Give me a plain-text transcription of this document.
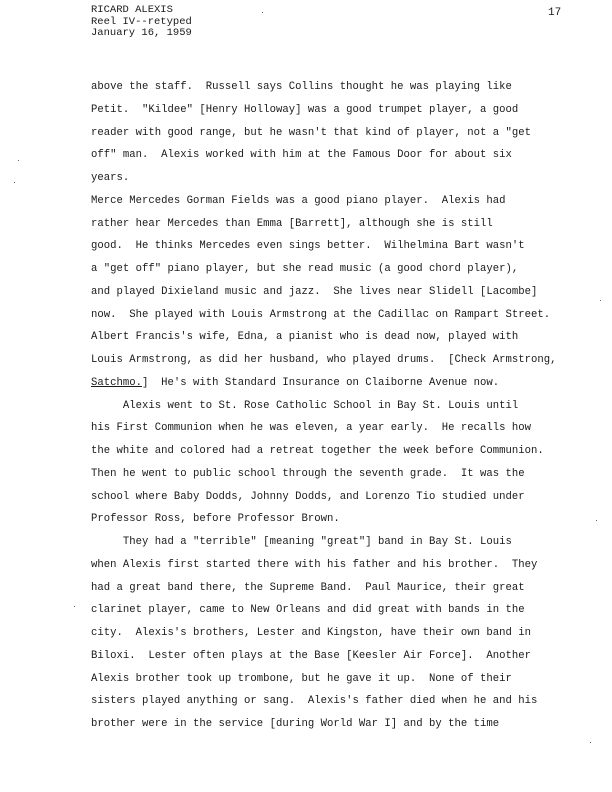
RICARD ALEXIS
Reel IV--retyped
January 16, 1959
17
above the staff.  Russell says Collins thought he was playing like
Petit.  "Kildee" [Henry Holloway] was a good trumpet player, a good
reader with good range, but he wasn't that kind of player, not a "get
off" man.  Alexis worked with him at the Famous Door for about six
years.
Merce Mercedes Gorman Fields was a good piano player.  Alexis had
rather hear Mercedes than Emma [Barrett], although she is still
good.  He thinks Mercedes even sings better.  Wilhelmina Bart wasn't
a "get off" piano player, but she read music (a good chord player),
and played Dixieland music and jazz.  She lives near Slidell [Lacombe]
now.  She played with Louis Armstrong at the Cadillac on Rampart Street.
Albert Francis's wife, Edna, a pianist who is dead now, played with
Louis Armstrong, as did her husband, who played drums.  [Check Armstrong,
Satchmo.]  He's with Standard Insurance on Claiborne Avenue now.
Alexis went to St. Rose Catholic School in Bay St. Louis until
his First Communion when he was eleven, a year early.  He recalls how
the white and colored had a retreat together the week before Communion.
Then he went to public school through the seventh grade.  It was the
school where Baby Dodds, Johnny Dodds, and Lorenzo Tio studied under
Professor Ross, before Professor Brown.
They had a "terrible" [meaning "great"] band in Bay St. Louis
when Alexis first started there with his father and his brother.  They
had a great band there, the Supreme Band.  Paul Maurice, their great
clarinet player, came to New Orleans and did great with bands in the
city.  Alexis's brothers, Lester and Kingston, have their own band in
Biloxi.  Lester often plays at the Base [Keesler Air Force].  Another
Alexis brother took up trombone, but he gave it up.  None of their
sisters played anything or sang.  Alexis's father died when he and his
brother were in the service [during World War I] and by the time
